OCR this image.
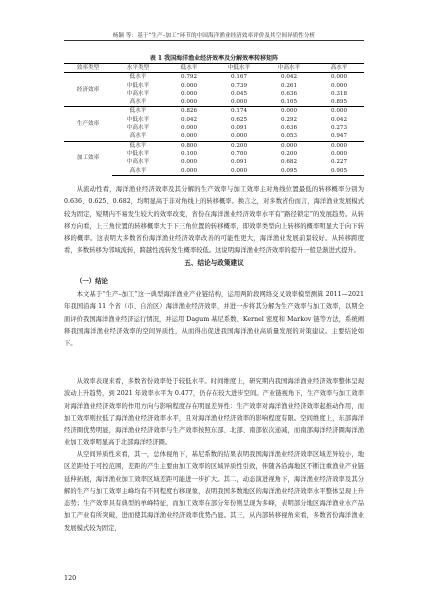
杨颖 等：基于“生产–加工”环节的中国海洋渔业经济效率评价及其空间异质性分析
表 1 我国海洋渔业经济效率及分解效率转移矩阵
效率类型	水平类型	低水平	中低水平	中高水平	高水平
经济效率	低水平	0.792	0.167	0.042	0.000
	中低水平	0.000	0.739	0.261	0.000
	中高水平	0.000	0.045	0.636	0.318
	高水平	0.000	0.000	0.105	0.895
生产效率	低水平	0.826	0.174	0.000	0.000
	中低水平	0.042	0.625	0.292	0.042
	中高水平	0.000	0.091	0.636	0.273
	高水平	0.000	0.000	0.053	0.947
加工效率	低水平	0.800	0.200	0.000	0.000
	中低水平	0.100	0.700	0.200	0.000
	中高水平	0.000	0.091	0.682	0.227
	高水平	0.000	0.000	0.095	0.905

从流动性看，海洋渔业经济效率及其分解的生产效率与加工效率主对角线位置最低的转移概率分别为 0.636、0.625、0.682，均明显高于非对角线上的转移概率。换言之，对多数省份而言，海洋渔业发展模式较为固定，短期内不易发生较大的效率改变，省份在海洋渔业经济效率水平有“路径锁定”的发展趋势。从转移方向看，上三角位置的转移概率大于下三角位置的转移概率，即效率类型向上转移的概率明显大于向下转移的概率。这表明大多数省份海洋渔业经济效率改善的可能性更大，海洋渔业发展前景较好。从转移跨度看，多数转移为邻域流转，跨越性流转发生概率较低。这说明海洋渔业经济效率的提升一般是渐进式提升。

五、结论与政策建议
（一）结论

本文基于“生产–加工”这一典型海洋渔业产业链结构，运用两阶段网络交叉效率模型测算 2011—2021 年我国沿海 11 个省（市、自治区）海洋渔业经济效率，并进一步将其分解为生产效率与加工效率，以期全面评价我国海洋渔业经济运行情况，并运用 Dagum 基尼系数、Kernel 密度和 Markov 链等方法，系统阐释我国海洋渔业经济效率的空间异质性，从而得出促进我国海洋渔业高质量发展的对策建议。主要结论如下。

从效率表现来看，多数省份效率处于较低水平。时间维度上，研究期内我国海洋渔业经济效率整体呈现波动上升趋势，到 2021 年效率水平为 0.477，仍存在较大进步空间。产业链视角下，生产效率与加工效率对海洋渔业经济效率的作用方向与影响程度存在明显差异性：生产效率对海洋渔业经济效率起推动作用，而加工效率则拉低了海洋渔业经济效率水平，且对海洋渔业经济效率的影响程度有限。空间维度上，东部海洋经济圈优势明显，海洋渔业经济效率与生产效率按照东部、北部、南部依次递减，而南部海洋经济圈海洋渔业加工效率明显高于北部海洋经济圈。

从空间异质性来看，其一，总体视角下，基尼系数的结果表明我国海洋渔业经济效率区域差异较小，地区差距处于可控范围，差距的产生主要由加工效率的区域异质性引致，伴随各沿海地区不断注重渔业产业链延伸拓展，海洋渔业加工效率区域差距可能进一步扩大。其二，动态演进视角下，海洋渔业经济效率及其分解的生产与加工效率主峰均有不同程度右移现象，表明我国多数地区的海洋渔业经济效率水平整体呈现上升态势；生产效率具有典型的单峰特征，而加工效率在部分年份则呈现为多峰，表明部分地区海洋渔业水产品加工产业有所突破，进而使其海洋渔业经济效率优势凸显。其三，从内部转移视角来看，多数省份海洋渔业发展模式较为固定，

120
